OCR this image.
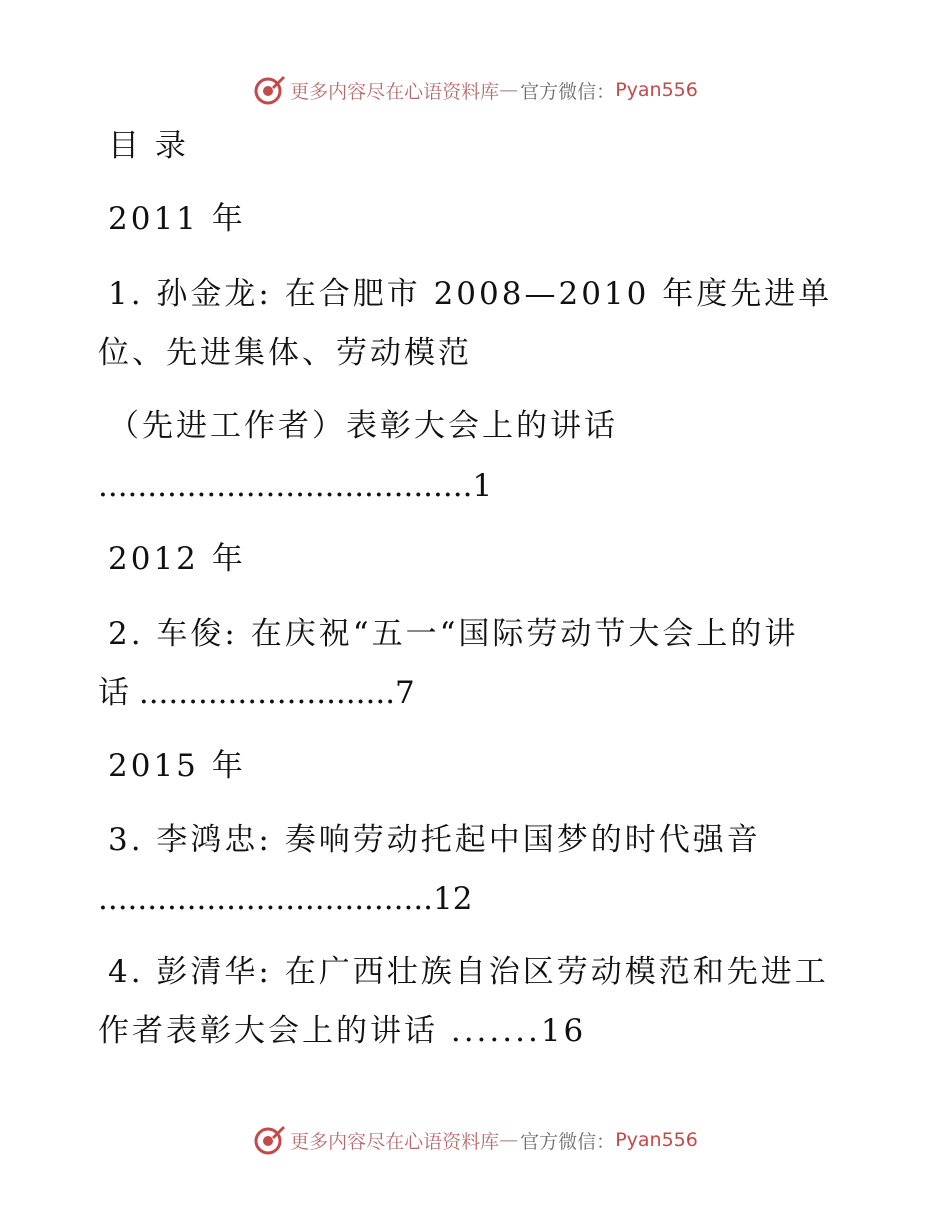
更多内容尽在心语资料库 — 官方微信： Pyan556
目 录
2011 年
1. 孙金龙: 在合肥市 2008—2010 年度先进单
位、先进集体、劳动模范
（先进工作者）表彰大会上的讲话
......................................1
2012 年
2. 车俊: 在庆祝“五一“国际劳动节大会上的讲
话 ..........................7
2015 年
3. 李鸿忠: 奏响劳动托起中国梦的时代强音
..................................12
4. 彭清华: 在广西壮族自治区劳动模范和先进工
作者表彰大会上的讲话 .......16
更多内容尽在心语资料库 — 官方微信： Pyan556
